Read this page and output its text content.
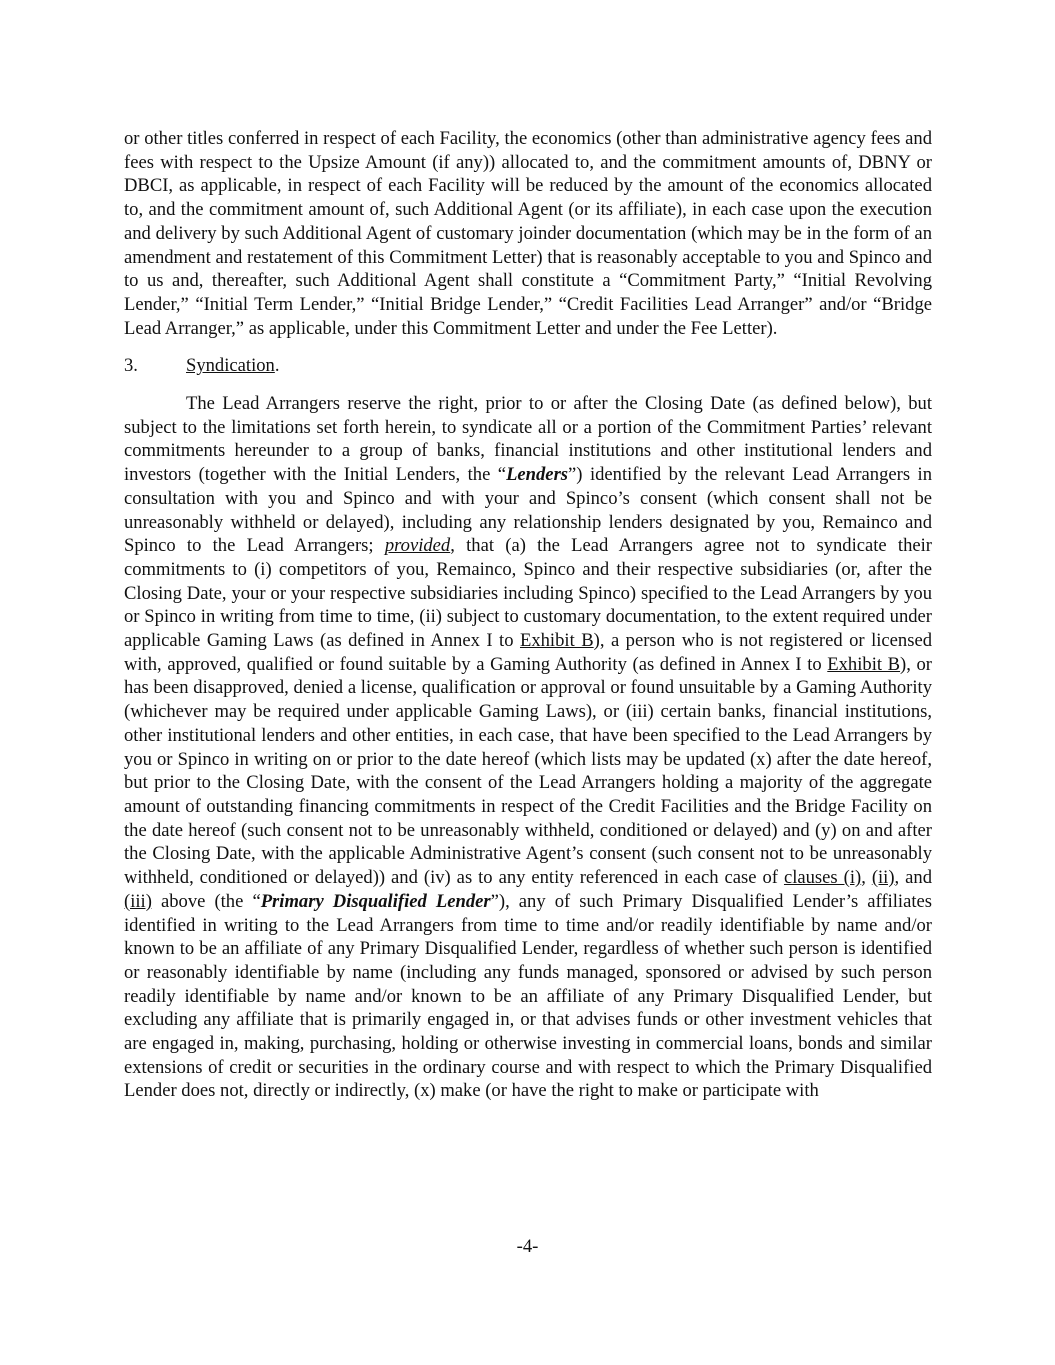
or other titles conferred in respect of each Facility, the economics (other than administrative agency fees and fees with respect to the Upsize Amount (if any)) allocated to, and the commitment amounts of, DBNY or DBCI, as applicable, in respect of each Facility will be reduced by the amount of the economics allocated to, and the commitment amount of, such Additional Agent (or its affiliate), in each case upon the execution and delivery by such Additional Agent of customary joinder documentation (which may be in the form of an amendment and restatement of this Commitment Letter) that is reasonably acceptable to you and Spinco and to us and, thereafter, such Additional Agent shall constitute a “Commitment Party,” “Initial Revolving Lender,” “Initial Term Lender,” “Initial Bridge Lender,” “Credit Facilities Lead Arranger” and/or “Bridge Lead Arranger,” as applicable, under this Commitment Letter and under the Fee Letter).

3.	Syndication.

The Lead Arrangers reserve the right, prior to or after the Closing Date (as defined below), but subject to the limitations set forth herein, to syndicate all or a portion of the Commitment Parties’ relevant commitments hereunder to a group of banks, financial institutions and other institutional lenders and investors (together with the Initial Lenders, the “Lenders”) identified by the relevant Lead Arrangers in consultation with you and Spinco and with your and Spinco’s consent (which consent shall not be unreasonably withheld or delayed), including any relationship lenders designated by you, Remainco and Spinco to the Lead Arrangers; provided, that (a) the Lead Arrangers agree not to syndicate their commitments to (i) competitors of you, Remainco, Spinco and their respective subsidiaries (or, after the Closing Date, your or your respective subsidiaries including Spinco) specified to the Lead Arrangers by you or Spinco in writing from time to time, (ii) subject to customary documentation, to the extent required under applicable Gaming Laws (as defined in Annex I to Exhibit B), a person who is not registered or licensed with, approved, qualified or found suitable by a Gaming Authority (as defined in Annex I to Exhibit B), or has been disapproved, denied a license, qualification or approval or found unsuitable by a Gaming Authority (whichever may be required under applicable Gaming Laws), or (iii) certain banks, financial institutions, other institutional lenders and other entities, in each case, that have been specified to the Lead Arrangers by you or Spinco in writing on or prior to the date hereof (which lists may be updated (x) after the date hereof, but prior to the Closing Date, with the consent of the Lead Arrangers holding a majority of the aggregate amount of outstanding financing commitments in respect of the Credit Facilities and the Bridge Facility on the date hereof (such consent not to be unreasonably withheld, conditioned or delayed) and (y) on and after the Closing Date, with the applicable Administrative Agent’s consent (such consent not to be unreasonably withheld, conditioned or delayed)) and (iv) as to any entity referenced in each case of clauses (i), (ii), and (iii) above (the “Primary Disqualified Lender”), any of such Primary Disqualified Lender’s affiliates identified in writing to the Lead Arrangers from time to time and/or readily identifiable by name and/or known to be an affiliate of any Primary Disqualified Lender, regardless of whether such person is identified or reasonably identifiable by name (including any funds managed, sponsored or advised by such person readily identifiable by name and/or known to be an affiliate of any Primary Disqualified Lender, but excluding any affiliate that is primarily engaged in, or that advises funds or other investment vehicles that are engaged in, making, purchasing, holding or otherwise investing in commercial loans, bonds and similar extensions of credit or securities in the ordinary course and with respect to which the Primary Disqualified Lender does not, directly or indirectly, (x) make (or have the right to make or participate with

-4-
